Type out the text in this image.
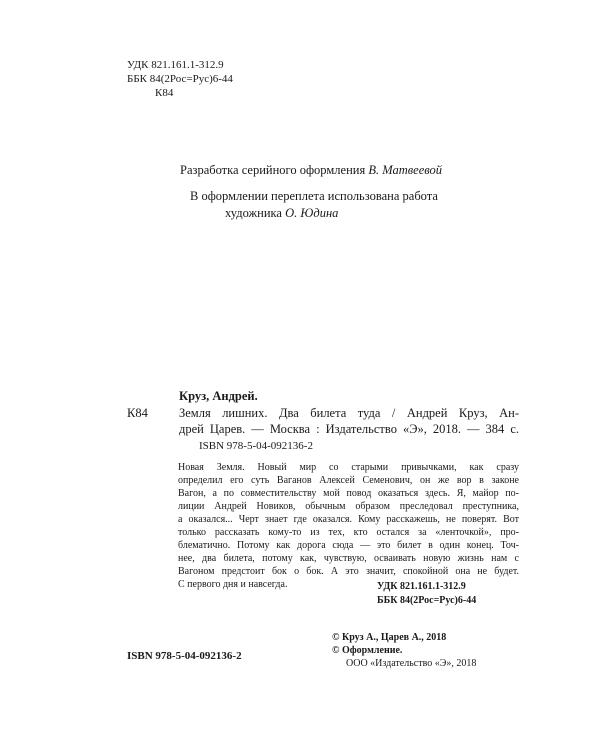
УДК 821.161.1-312.9
ББК 84(2Рос=Рус)6-44
К84
Разработка серийного оформления В. Матвеевой
В оформлении переплета использована работа
художника О. Юдина
Круз, Андрей.
К84 Земля лишних. Два билета туда / Андрей Круз, Ан-
дрей Царев. — Москва : Издательство «Э», 2018. — 384 с.
ISBN 978-5-04-092136-2
Новая Земля. Новый мир со старыми привычками, как сразу
определил его суть Ваганов Алексей Семенович, он же вор в законе
Вагон, а по совместительству мой повод оказаться здесь. Я, майор по-
лиции Андрей Новиков, обычным образом преследовал преступника,
а оказался... Черт знает где оказался. Кому расскажешь, не поверят. Вот
только рассказать кому-то из тех, кто остался за «ленточкой», про-
блематично. Потому как дорога сюда — это билет в один конец. Точ-
нее, два билета, потому как, чувствую, осваивать новую жизнь нам с
Вагоном предстоит бок о бок. А это значит, спокойной она не будет.
С первого дня и навсегда.	УДК 821.161.1-312.9
ББК 84(2Рос=Рус)6-44
ISBN 978-5-04-092136-2
© Круз А., Царев А., 2018
© Оформление.
ООО «Издательство «Э», 2018
